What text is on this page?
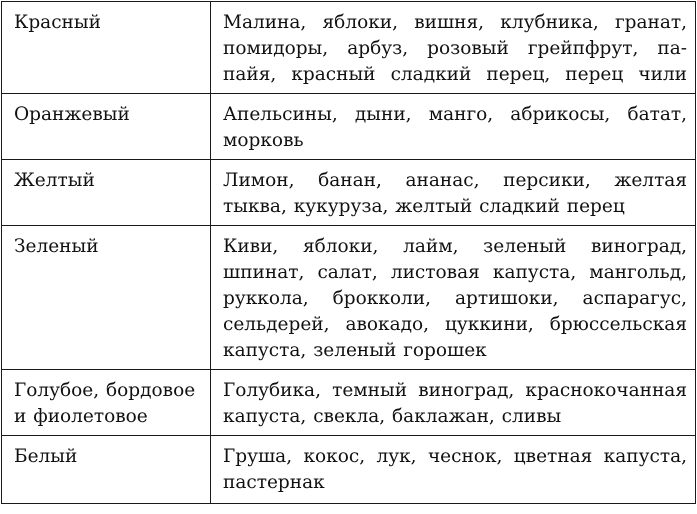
Красный	Малина, яблоки, вишня, клубника, гранат,
помидоры, арбуз, розовый грейпфрут, па-
пайя, красный сладкий перец, перец чили

Оранжевый	Апельсины, дыни, манго, абрикосы, батат,
морковь

Желтый	Лимон, банан, ананас, персики, желтая
тыква, кукуруза, желтый сладкий перец

Зеленый	Киви, яблоки, лайм, зеленый виноград,
шпинат, салат, листовая капуста, мангольд,
руккола, брокколи, артишоки, аспарагус,
сельдерей, авокадо, цуккини, брюссельская
капуста, зеленый горошек

Голубое, бордовое
и фиолетовое	Голубика, темный виноград, краснокочанная
капуста, свекла, баклажан, сливы

Белый	Груша, кокос, лук, чеснок, цветная капуста,
пастернак
